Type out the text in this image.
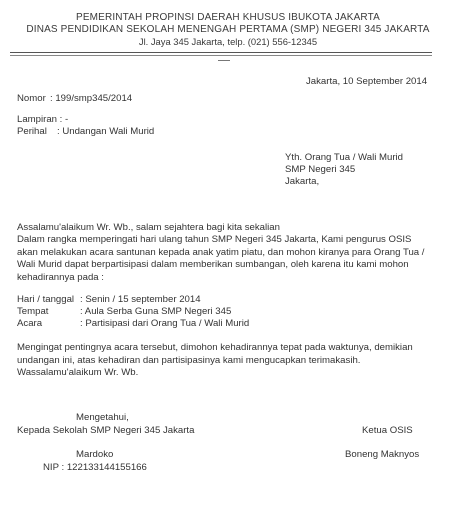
PEMERINTAH PROPINSI DAERAH KHUSUS IBUKOTA JAKARTA
DINAS PENDIDIKAN SEKOLAH MENENGAH PERTAMA (SMP) NEGERI 345 JAKARTA
Jl. Jaya 345 Jakarta, telp. (021) 556-12345
Jakarta, 10 September 2014
Nomor : 199/smp345/2014
Lampiran : -
Perihal : Undangan Wali Murid
Yth. Orang Tua / Wali Murid
SMP Negeri 345
Jakarta,
Assalamu'alaikum Wr. Wb., salam sejahtera bagi kita sekalian
Dalam rangka memperingati hari ulang tahun SMP Negeri 345 Jakarta, Kami pengurus OSIS
akan melakukan acara santunan kepada anak yatim piatu, dan mohon kiranya para Orang Tua /
Wali Murid dapat berpartisipasi dalam memberikan sumbangan, oleh karena itu kami mohon
kehadirannya pada :
Hari / tanggal : Senin / 15 september 2014
Tempat	: Aula Serba Guna SMP Negeri 345
Acara	: Partisipasi dari Orang Tua / Wali Murid
Mengingat pentingnya acara tersebut, dimohon kehadirannya tepat pada waktunya, demikian
undangan ini, atas kehadiran dan partisipasinya kami mengucapkan terimakasih.
Wassalamu'alaikum Wr. Wb.
Mengetahui,
Kepada Sekolah SMP Negeri 345 Jakarta	Ketua OSIS
Mardoko	Boneng Maknyos
NIP : 122133144155166
